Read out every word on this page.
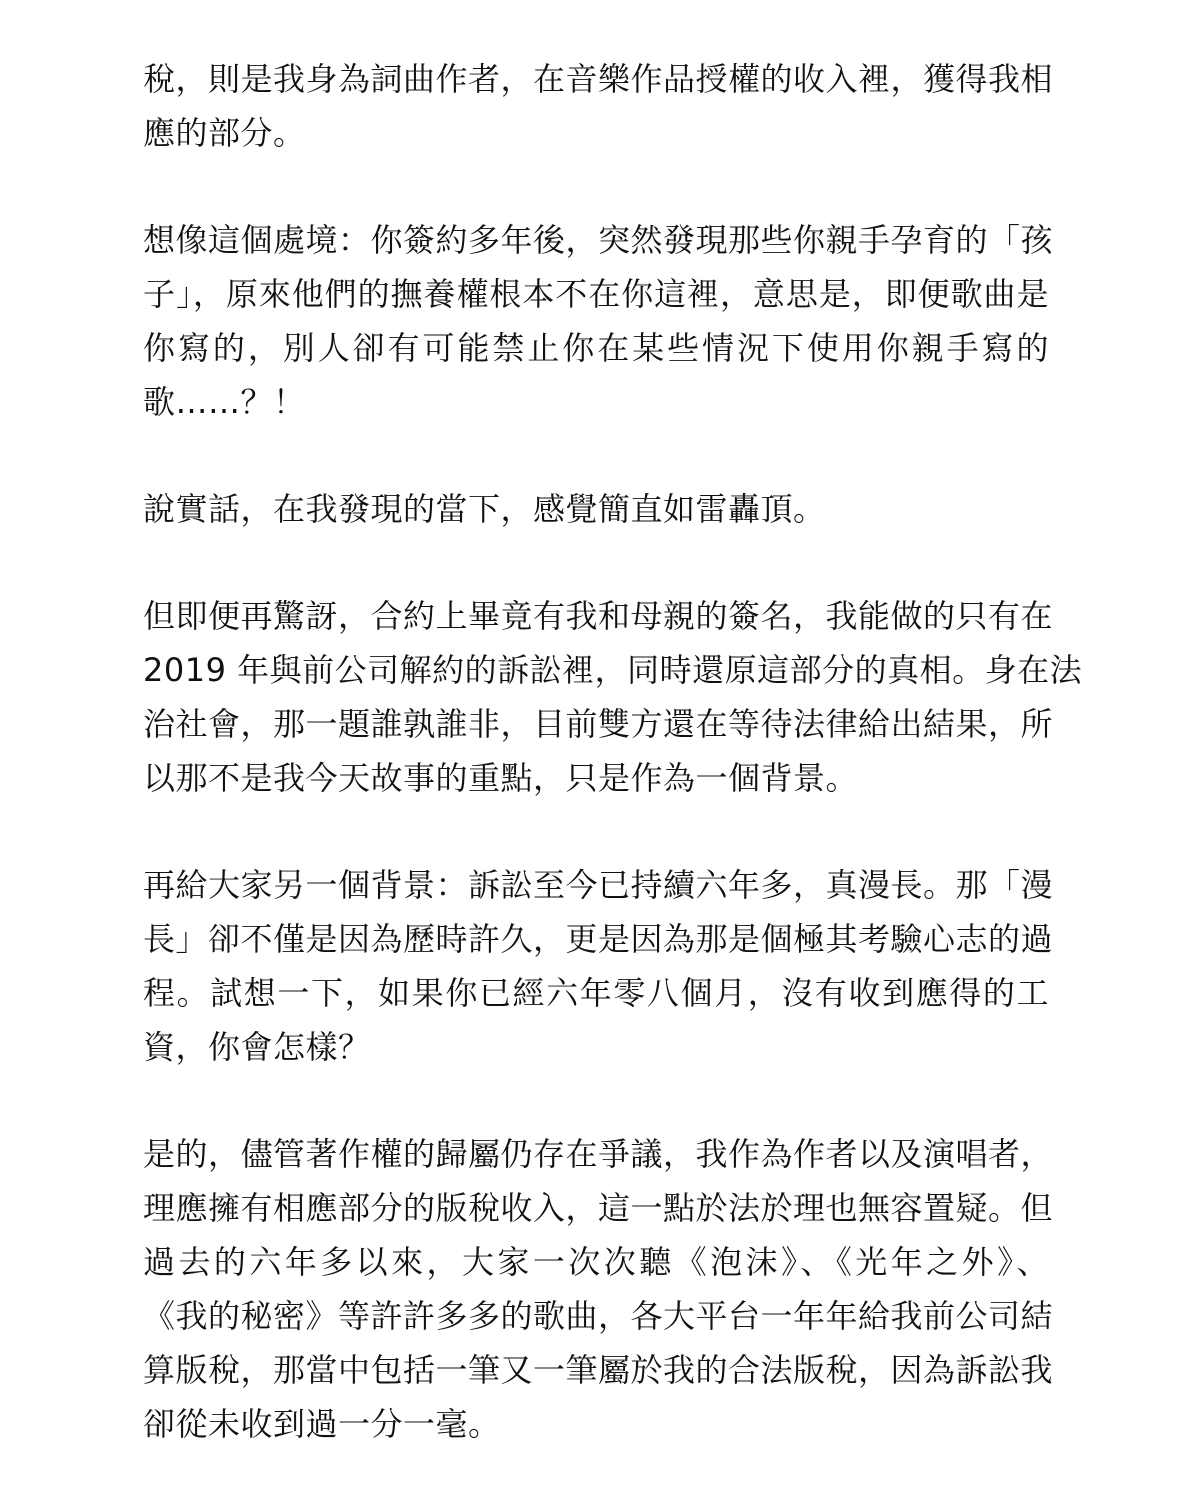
稅，則是我身為詞曲作者，在音樂作品授權的收入裡，獲得我相
應的部分。

想像這個處境：你簽約多年後，突然發現那些你親手孕育的「孩
子」，原來他們的撫養權根本不在你這裡，意思是，即便歌曲是
你寫的，別人卻有可能禁止你在某些情況下使用你親手寫的
歌……？！

說實話，在我發現的當下，感覺簡直如雷轟頂。

但即便再驚訝，合約上畢竟有我和母親的簽名，我能做的只有在
2019 年與前公司解約的訴訟裡，同時還原這部分的真相。身在法
治社會，那一題誰孰誰非，目前雙方還在等待法律給出結果，所
以那不是我今天故事的重點，只是作為一個背景。

再給大家另一個背景：訴訟至今已持續六年多，真漫長。那「漫
長」卻不僅是因為歷時許久，更是因為那是個極其考驗心志的過
程。試想一下，如果你已經六年零八個月，沒有收到應得的工
資，你會怎樣？

是的，儘管著作權的歸屬仍存在爭議，我作為作者以及演唱者，
理應擁有相應部分的版稅收入，這一點於法於理也無容置疑。但
過去的六年多以來，大家一次次聽《泡沫》、《光年之外》、
《我的秘密》等許許多多的歌曲，各大平台一年年給我前公司結
算版稅，那當中包括一筆又一筆屬於我的合法版稅，因為訴訟我
卻從未收到過一分一毫。
